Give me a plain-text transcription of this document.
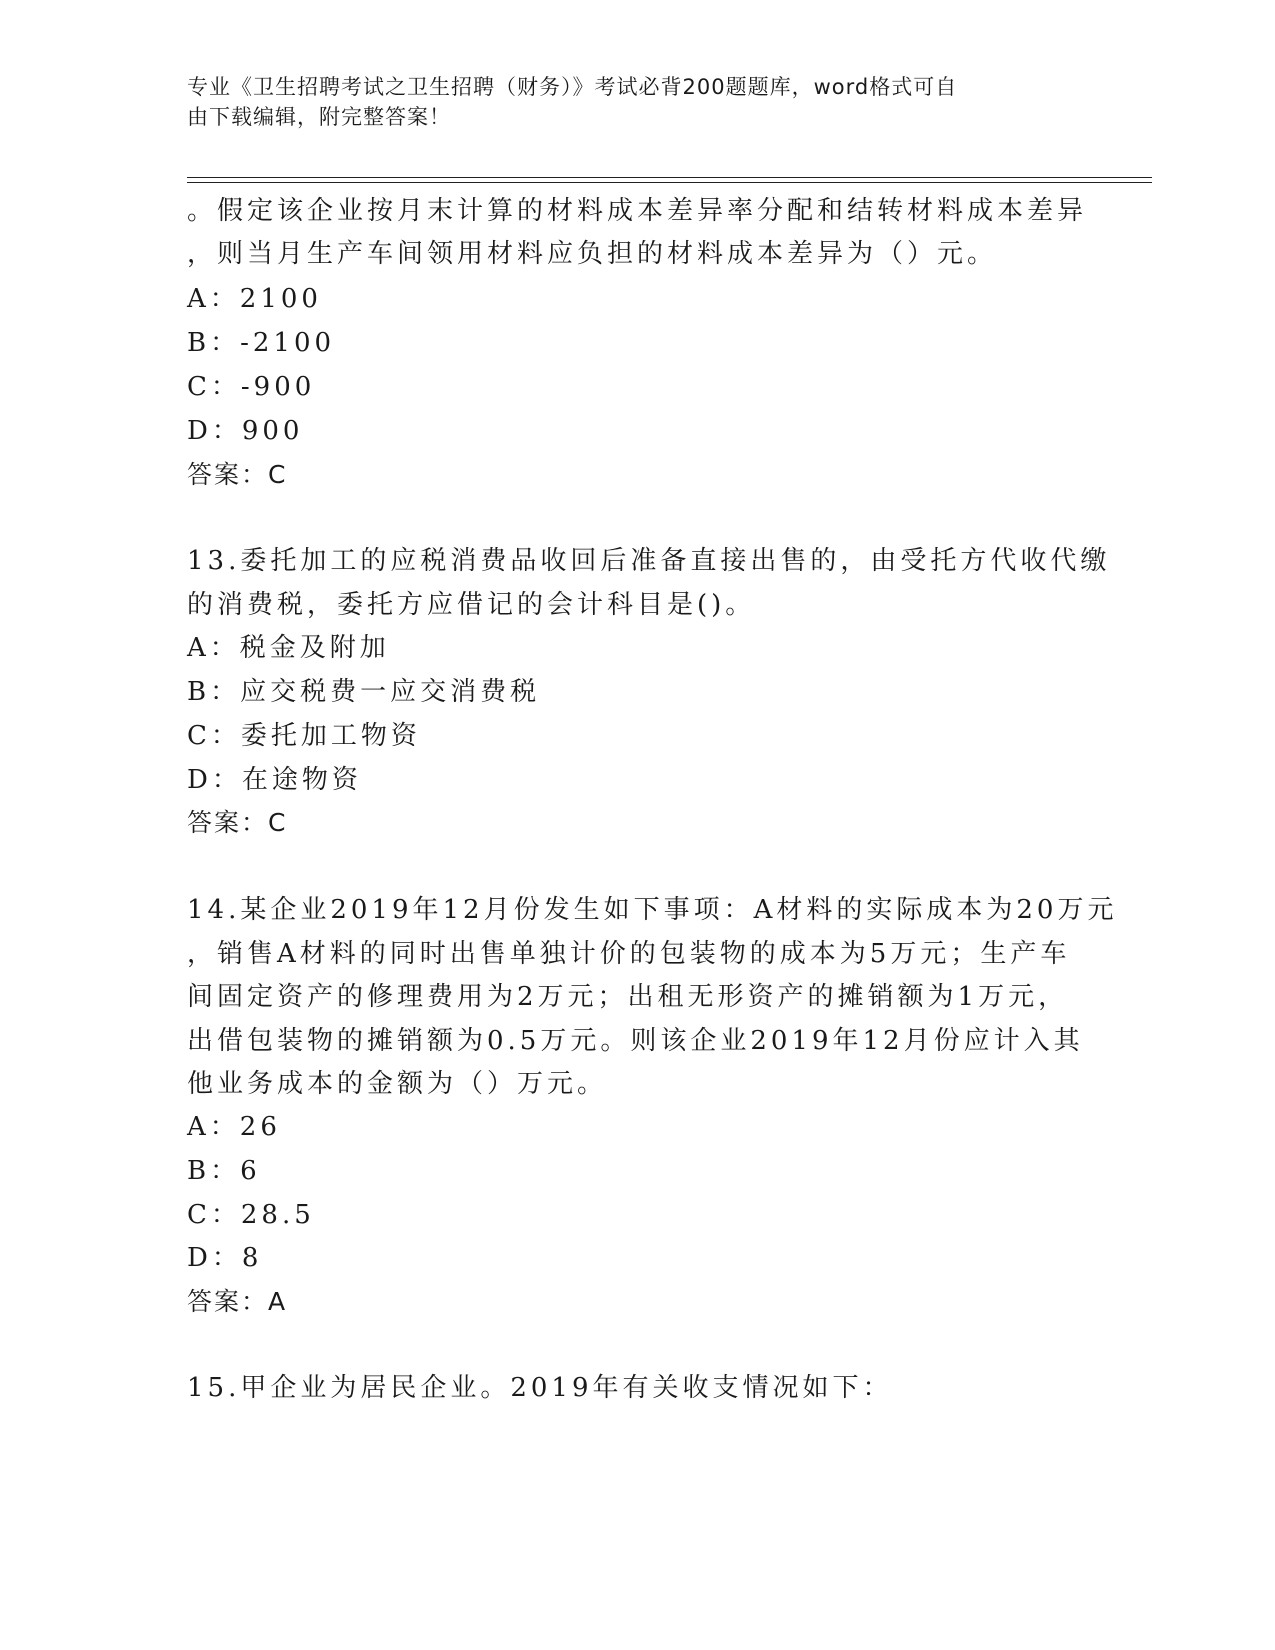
专业《卫生招聘考试之卫生招聘（财务）》考试必背200题题库，word格式可自
由下载编辑，附完整答案！
。假定该企业按月末计算的材料成本差异率分配和结转材料成本差异
，则当月生产车间领用材料应负担的材料成本差异为（）元。
A：2100
B：-2100
C：-900
D：900
答案：C
13.委托加工的应税消费品收回后准备直接出售的，由受托方代收代缴
的消费税，委托方应借记的会计科目是()。
A：税金及附加
B：应交税费一应交消费税
C：委托加工物资
D：在途物资
答案：C
14.某企业2019年12月份发生如下事项：A材料的实际成本为20万元
，销售A材料的同时出售单独计价的包装物的成本为5万元；生产车
间固定资产的修理费用为2万元；出租无形资产的摊销额为1万元，
出借包装物的摊销额为0.5万元。则该企业2019年12月份应计入其
他业务成本的金额为（）万元。
A：26
B：6
C：28.5
D：8
答案：A
15.甲企业为居民企业。2019年有关收支情况如下：
